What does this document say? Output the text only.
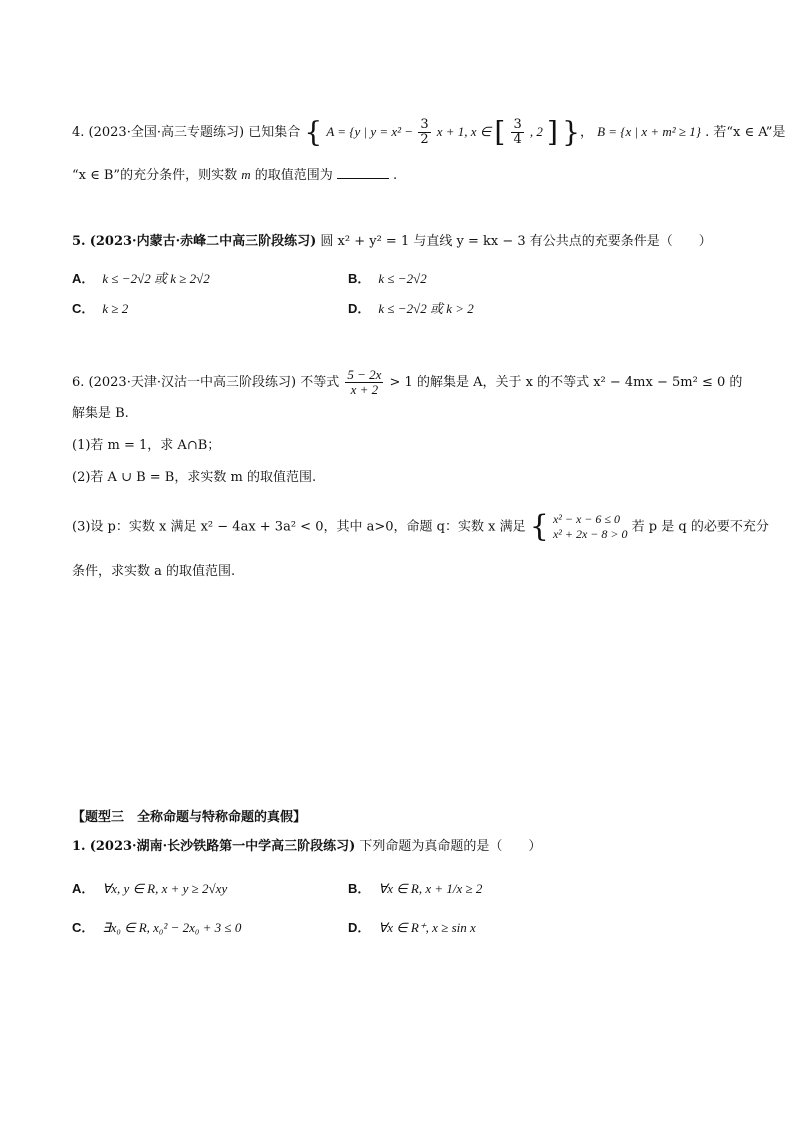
4. (2023·全国·高三专题练习) 已知集合 { A = {y | $y = x^2 - \frac{3}{2}$ x + 1, x ∈ [ $\frac{3}{4}$ , 2 ] }， B = {x | x + m² ≥ 1} . 若“x ∈ A”是
“x ∈ B”的充分条件，则实数 m 的取值范围为	.
5. (2023·内蒙古·赤峰二中高三阶段练习) 圆 x² + y² = 1 与直线 y = kx − 3 有公共点的充要条件是（　　）
A． k ≤ −2√2 或 k ≥ 2√2	B． k ≤ −2√2
C． k ≥ 2	D． k ≤ −2√2 或 k > 2
6. (2023·天津·汉沽一中高三阶段练习) 不等式 $\frac{5 - 2x}{x + 2} > 1$ 的解集是 A，关于 x 的不等式 x² − 4mx − 5m² ≤ 0 的
解集是 B.
(1)若 m = 1，求 A∩B；
(2)若 A ∪ B = B，求实数 m 的取值范围.
(3)设 p：实数 x 满足 x² − 4ax + 3a² < 0，其中 a>0，命题 q：实数 x 满足 { x² − x − 6 ≤ 0
x² + 2x − 8 > 0 若 p 是 q 的必要不充分
条件，求实数 a 的取值范围.
【题型三　全称命题与特称命题的真假】
1. (2023·湖南·长沙铁路第一中学高三阶段练习) 下列命题为真命题的是（　　）
A． ∀x, y ∈ R, x + y ≥ 2√xy	B． ∀x ∈ R, x + 1/x ≥ 2
C． ∃x₀ ∈ R, x₀² − 2x₀ + 3 ≤ 0	D． ∀x ∈ R⁺, x ≥ sin x
